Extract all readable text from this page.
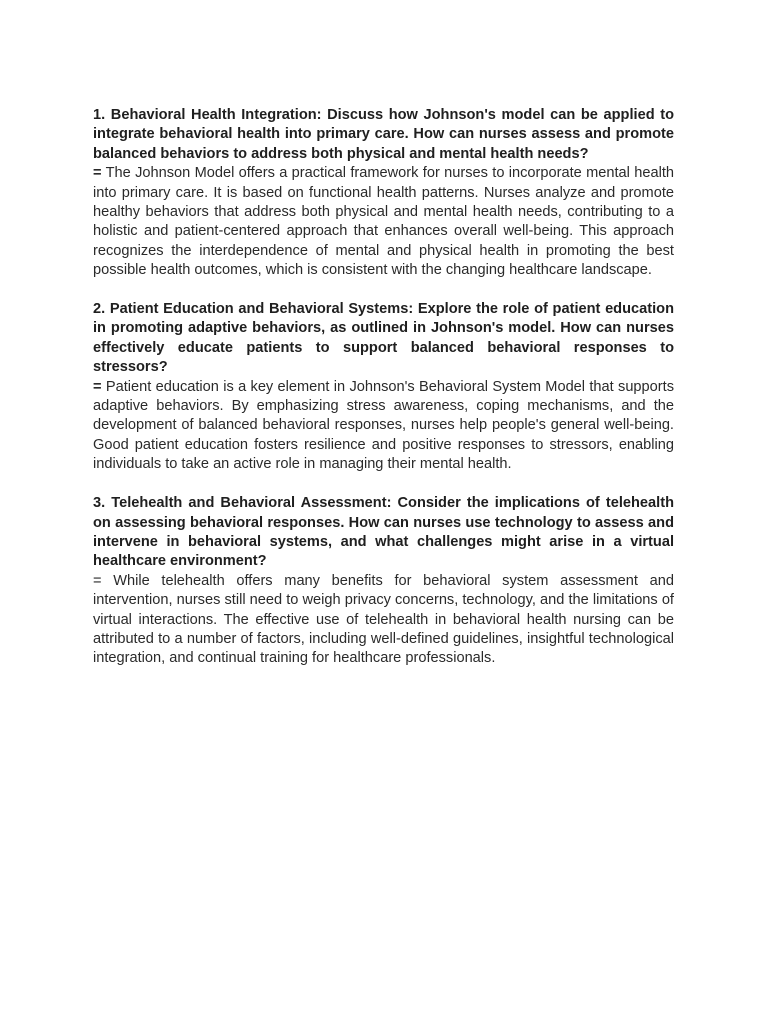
1. Behavioral Health Integration: Discuss how Johnson's model can be applied to integrate behavioral health into primary care. How can nurses assess and promote balanced behaviors to address both physical and mental health needs?

= The Johnson Model offers a practical framework for nurses to incorporate mental health into primary care. It is based on functional health patterns. Nurses analyze and promote healthy behaviors that address both physical and mental health needs, contributing to a holistic and patient-centered approach that enhances overall well-being. This approach recognizes the interdependence of mental and physical health in promoting the best possible health outcomes, which is consistent with the changing healthcare landscape.

2. Patient Education and Behavioral Systems: Explore the role of patient education in promoting adaptive behaviors, as outlined in Johnson's model. How can nurses effectively educate patients to support balanced behavioral responses to stressors?

= Patient education is a key element in Johnson's Behavioral System Model that supports adaptive behaviors. By emphasizing stress awareness, coping mechanisms, and the development of balanced behavioral responses, nurses help people's general well-being. Good patient education fosters resilience and positive responses to stressors, enabling individuals to take an active role in managing their mental health.

3. Telehealth and Behavioral Assessment: Consider the implications of telehealth on assessing behavioral responses. How can nurses use technology to assess and intervene in behavioral systems, and what challenges might arise in a virtual healthcare environment?

= While telehealth offers many benefits for behavioral system assessment and intervention, nurses still need to weigh privacy concerns, technology, and the limitations of virtual interactions. The effective use of telehealth in behavioral health nursing can be attributed to a number of factors, including well-defined guidelines, insightful technological integration, and continual training for healthcare professionals.
